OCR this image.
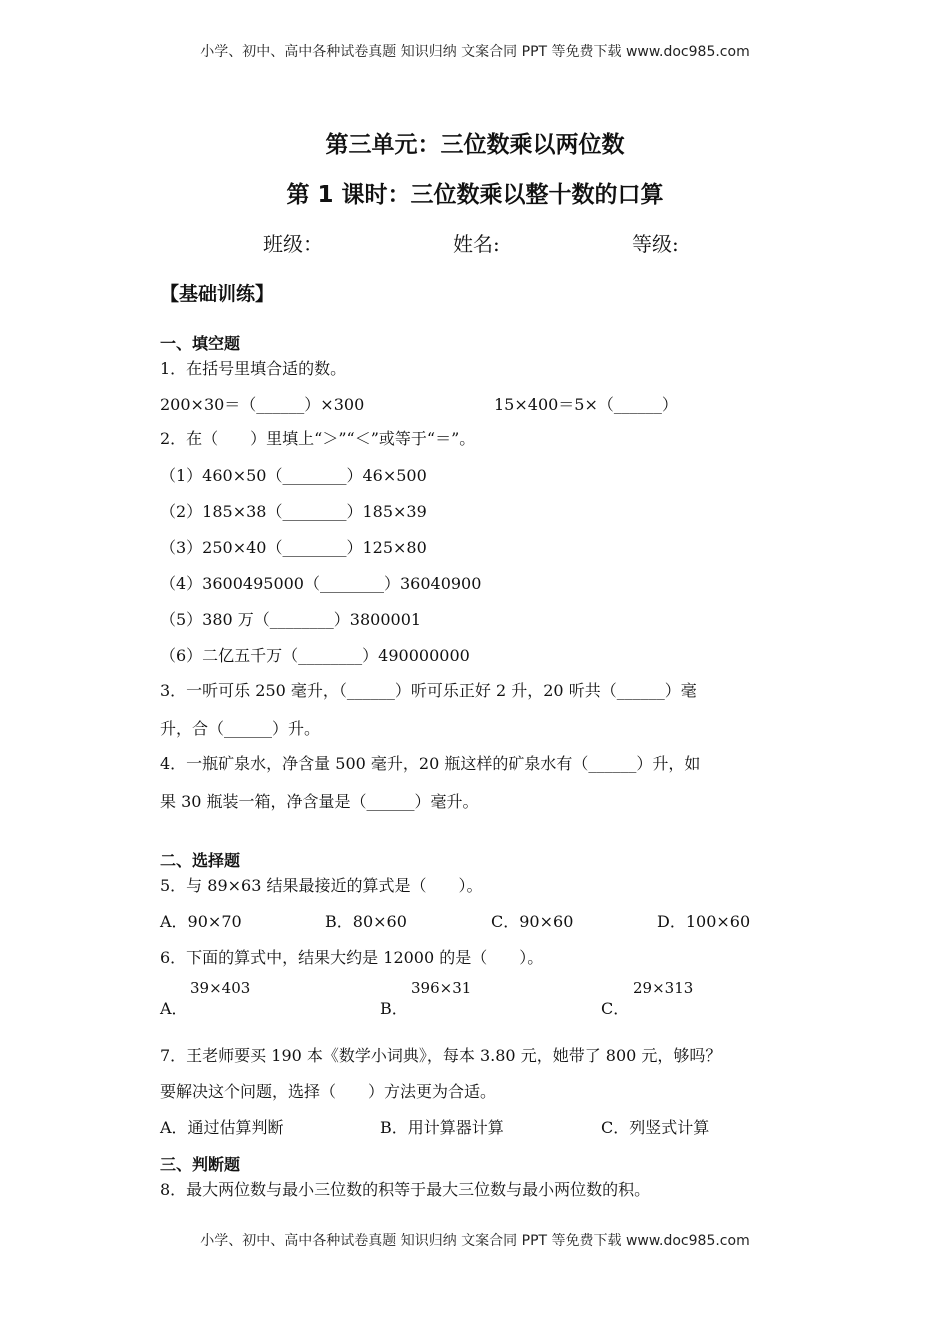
小学、初中、高中各种试卷真题 知识归纳 文案合同 PPT 等免费下载 www.doc985.com
小学、初中、高中各种试卷真题 知识归纳 文案合同 PPT 等免费下载 www.doc985.com
第三单元：三位数乘以两位数
第 1 课时：三位数乘以整十数的口算
班级：	姓名:	等级:
【基础训练】
一、填空题
1．在括号里填合适的数。
200×30＝（______）×300	15×400＝5×（______）
2．在（　　）里填上“＞”“＜”或等于“＝”。
（1）460×50（________）46×500
（2）185×38（________）185×39
（3）250×40（________）125×80
（4）3600495000（________）36040900
（5）380 万（________）3800001
（6）二亿五千万（________）490000000
3．一听可乐 250 毫升，（______）听可乐正好 2 升，20 听共（______）毫
升，合（______）升。
4．一瓶矿泉水，净含量 500 毫升，20 瓶这样的矿泉水有（______）升，如
果 30 瓶装一箱，净含量是（______）毫升。
二、选择题
5．与 89×63 结果最接近的算式是（　　）。
A．90×70	B．80×60	C．90×60	D．100×60
6．下面的算式中，结果大约是 12000 的是（　　）。
A．
39×403
B．
396×31
C．
29×313
7．王老师要买 190 本《数学小词典》，每本 3.80 元，她带了 800 元，够吗？
要解决这个问题，选择（　　）方法更为合适。
A．通过估算判断	B．用计算器计算	C．列竖式计算
三、判断题
8．最大两位数与最小三位数的积等于最大三位数与最小两位数的积。
